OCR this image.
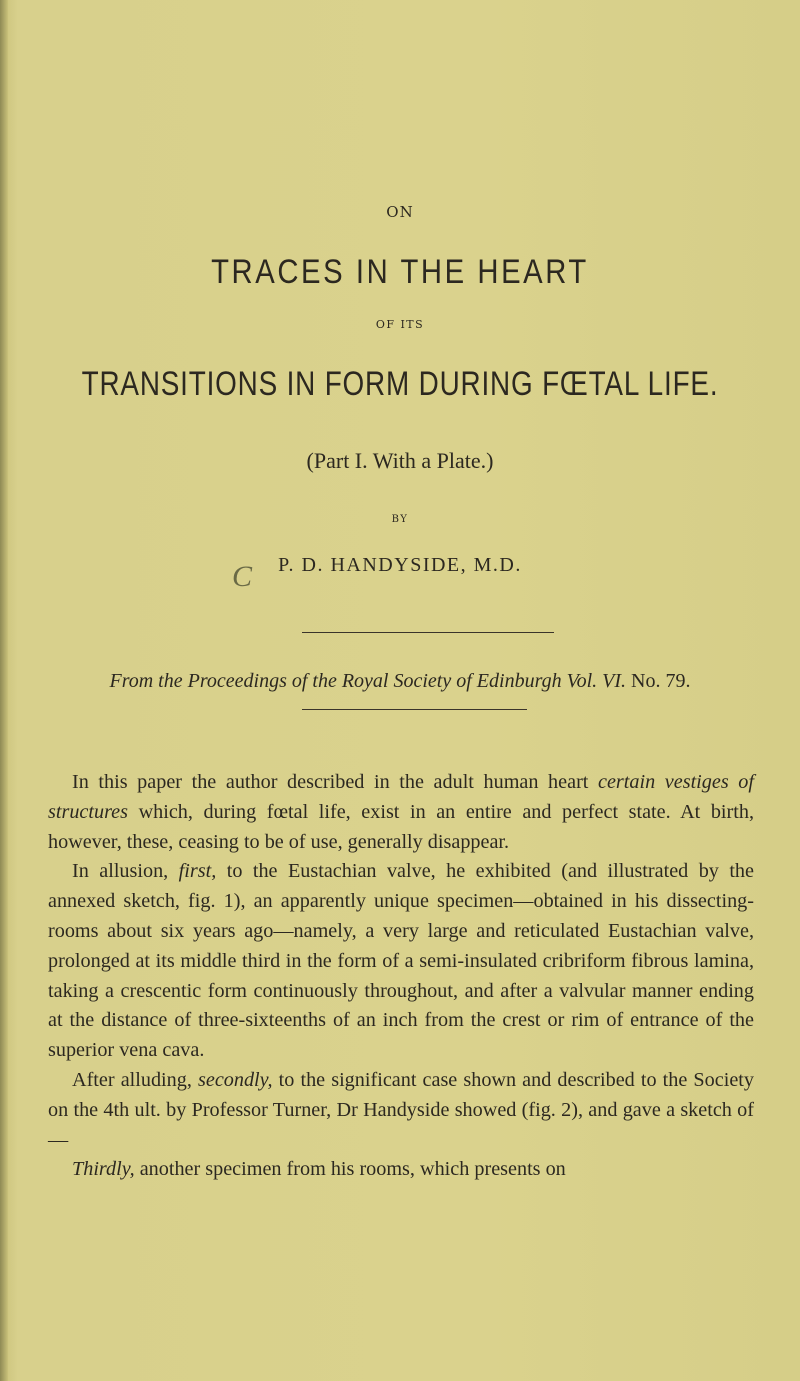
ON
TRACES IN THE HEART
OF ITS
TRANSITIONS IN FORM DURING FŒTAL LIFE.
(Part I. With a Plate.)
BY
P. D. HANDYSIDE, M.D.
C
From the Proceedings of the Royal Society of Edinburgh Vol. VI. No. 79.

In this paper the author described in the adult human heart certain vestiges of structures which, during fœtal life, exist in an entire and perfect state. At birth, however, these, ceasing to be of use, generally disappear.

In allusion, first, to the Eustachian valve, he exhibited (and illustrated by the annexed sketch, fig. 1), an apparently unique specimen—obtained in his dissecting-rooms about six years ago—namely, a very large and reticulated Eustachian valve, prolonged at its middle third in the form of a semi-insulated cribriform fibrous lamina, taking a crescentic form continuously throughout, and after a valvular manner ending at the distance of three-sixteenths of an inch from the crest or rim of entrance of the superior vena cava.

After alluding, secondly, to the significant case shown and described to the Society on the 4th ult. by Professor Turner, Dr Handyside showed (fig. 2), and gave a sketch of—

Thirdly, another specimen from his rooms, which presents on
